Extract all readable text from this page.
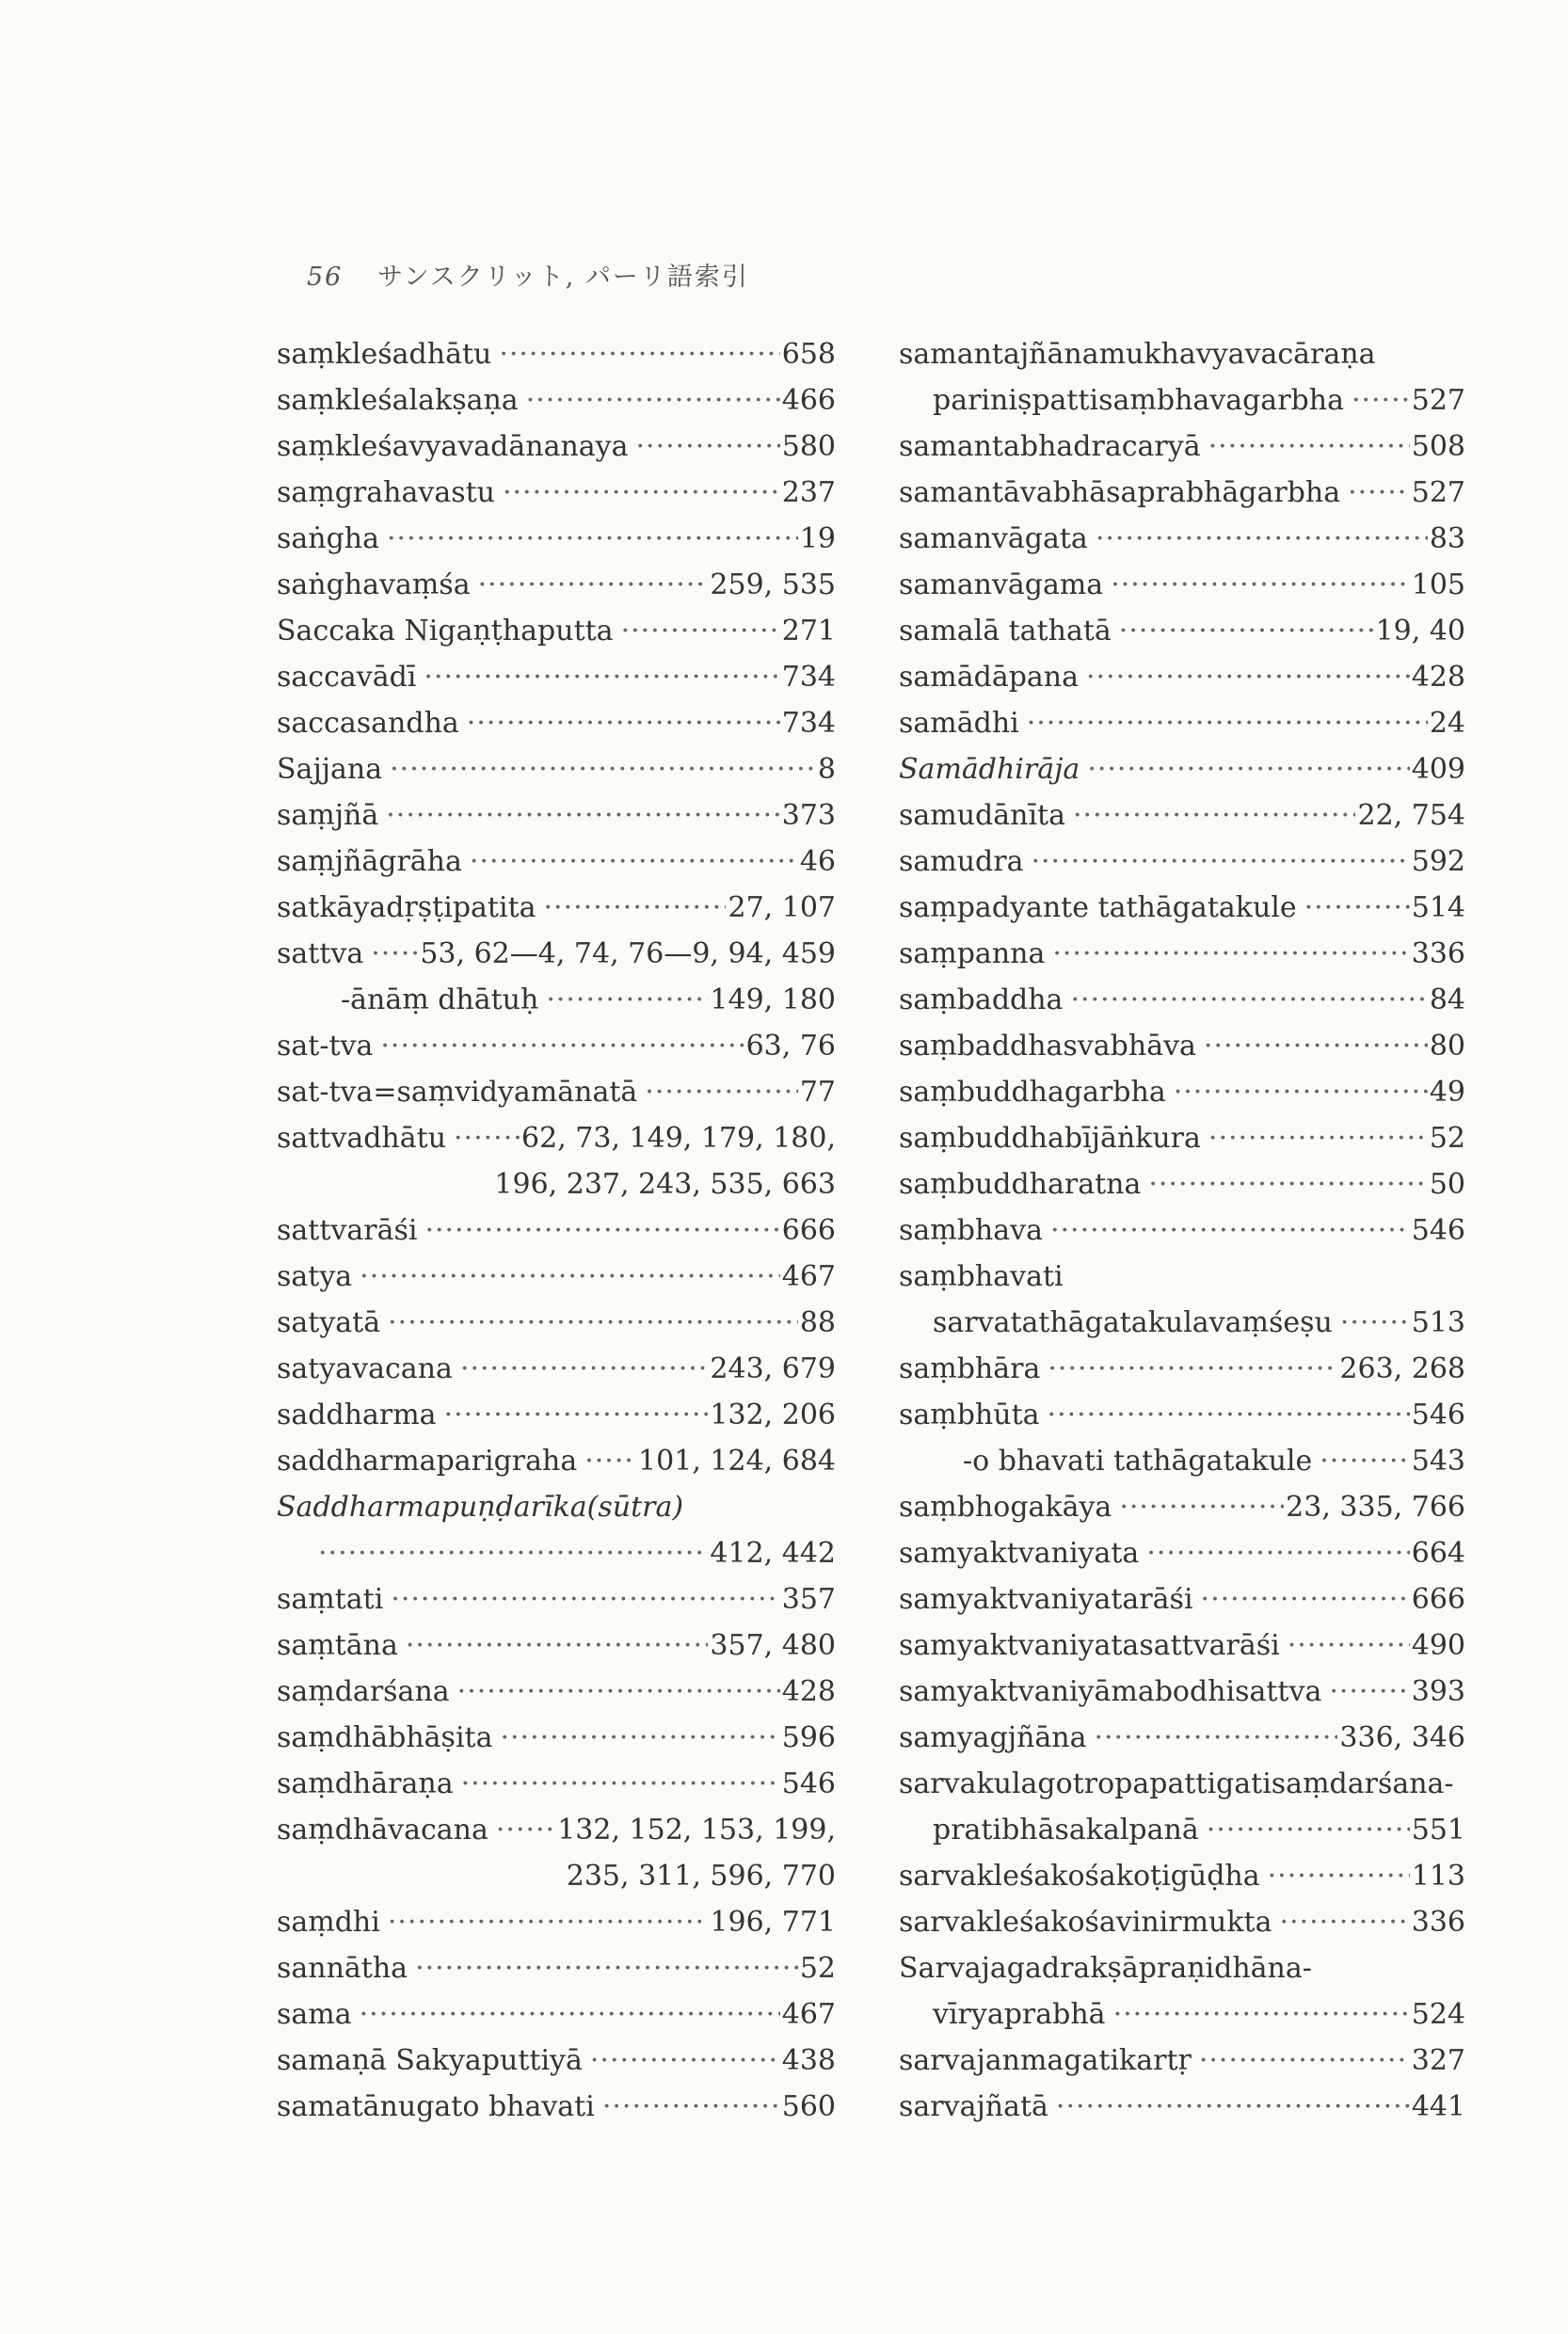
56 サンスクリット, パーリ語索引
saṃkleśadhātu ·····	658
saṃkleśalakṣaṇa ·····	466
saṃkleśavyavadānanaya ·····	580
saṃgrahavastu ·····	237
saṅgha ·····	19
saṅghavaṃśa ·····	259, 535
Saccaka Nigaṇṭhaputta ·····	271
saccavādī ·····	734
saccasandha ·····	734
Sajjana ·····	8
saṃjñā ·····	373
saṃjñāgrāha ·····	46
satkāyadṛṣṭipatita ·····	27, 107
sattva ····· 53, 62—4, 74, 76—9, 94, 459
-ānāṃ dhātuḥ ·····	149, 180
sat-tva ·····	63, 76
sat-tva=saṃvidyamānatā ·····	77
sattvadhātu ·····	62, 73, 149, 179, 180,
196, 237, 243, 535, 663
sattvarāśi ·····	666
satya ·····	467
satyatā ·····	88
satyavacana ·····	243, 679
saddharma ·····	132, 206
saddharmaparigraha ····· 101, 124, 684
Saddharmapuṇḍarīka(sūtra)
·····
412, 442
saṃtati ·····	357
saṃtāna ·····	357, 480
saṃdarśana ·····	428
saṃdhābhāṣita ·····	596
saṃdhāraṇa ·····	546
saṃdhāvacana ····· 132, 152, 153, 199,
235, 311, 596, 770
saṃdhi ·····	196, 771
sannātha ·····	52
sama ·····	467
samaṇā Sakyaputtiyā ·····	438
samatānugato bhavati ·····	560
samantajñānamukhavyavacāraṇa
pariniṣpattisaṃbhavagarbha ····· 527
samantabhadracaryā ·····	508
samantāvabhāsaprabhāgarbha ·····	527
samanvāgata ·····	83
samanvāgama ·····	105
samalā tathatā ·····	19, 40
samādāpana ·····	428
samādhi ·····	24
Samādhirāja ·····	409
samudānīta ·····	22, 754
samudra ·····	592
saṃpadyante tathāgatakule ·····	514
saṃpanna ·····	336
saṃbaddha ·····	84
saṃbaddhasvabhāva ·····	80
saṃbuddhagarbha ·····	49
saṃbuddhabījāṅkura ·····	52
saṃbuddharatna ·····	50
saṃbhava ·····	546
saṃbhavati
sarvatathāgatakulavaṃśeṣu ·····	513
saṃbhāra ·····	263, 268
saṃbhūta ·····	546
-o bhavati tathāgatakule ·····	543
saṃbhogakāya ·····	23, 335, 766
samyaktvaniyata ·····	664
samyaktvaniyatarāśi ·····	666
samyaktvaniyatasattvarāśi ·····	490
samyaktvaniyāmabodhisattva ·····	393
samyagjñāna ·····	336, 346
sarvakulagotropapattigatisaṃdarśana-
pratibhāsakalpanā ·····	551
sarvakleśakośakoṭigūḍha ·····	113
sarvakleśakośavinirmukta ·····	336
Sarvajagadrakṣāpraṇidhāna-
vīryaprabhā ·····	524
sarvajanmagatikartṛ ·····	327
sarvajñatā ·····	441
